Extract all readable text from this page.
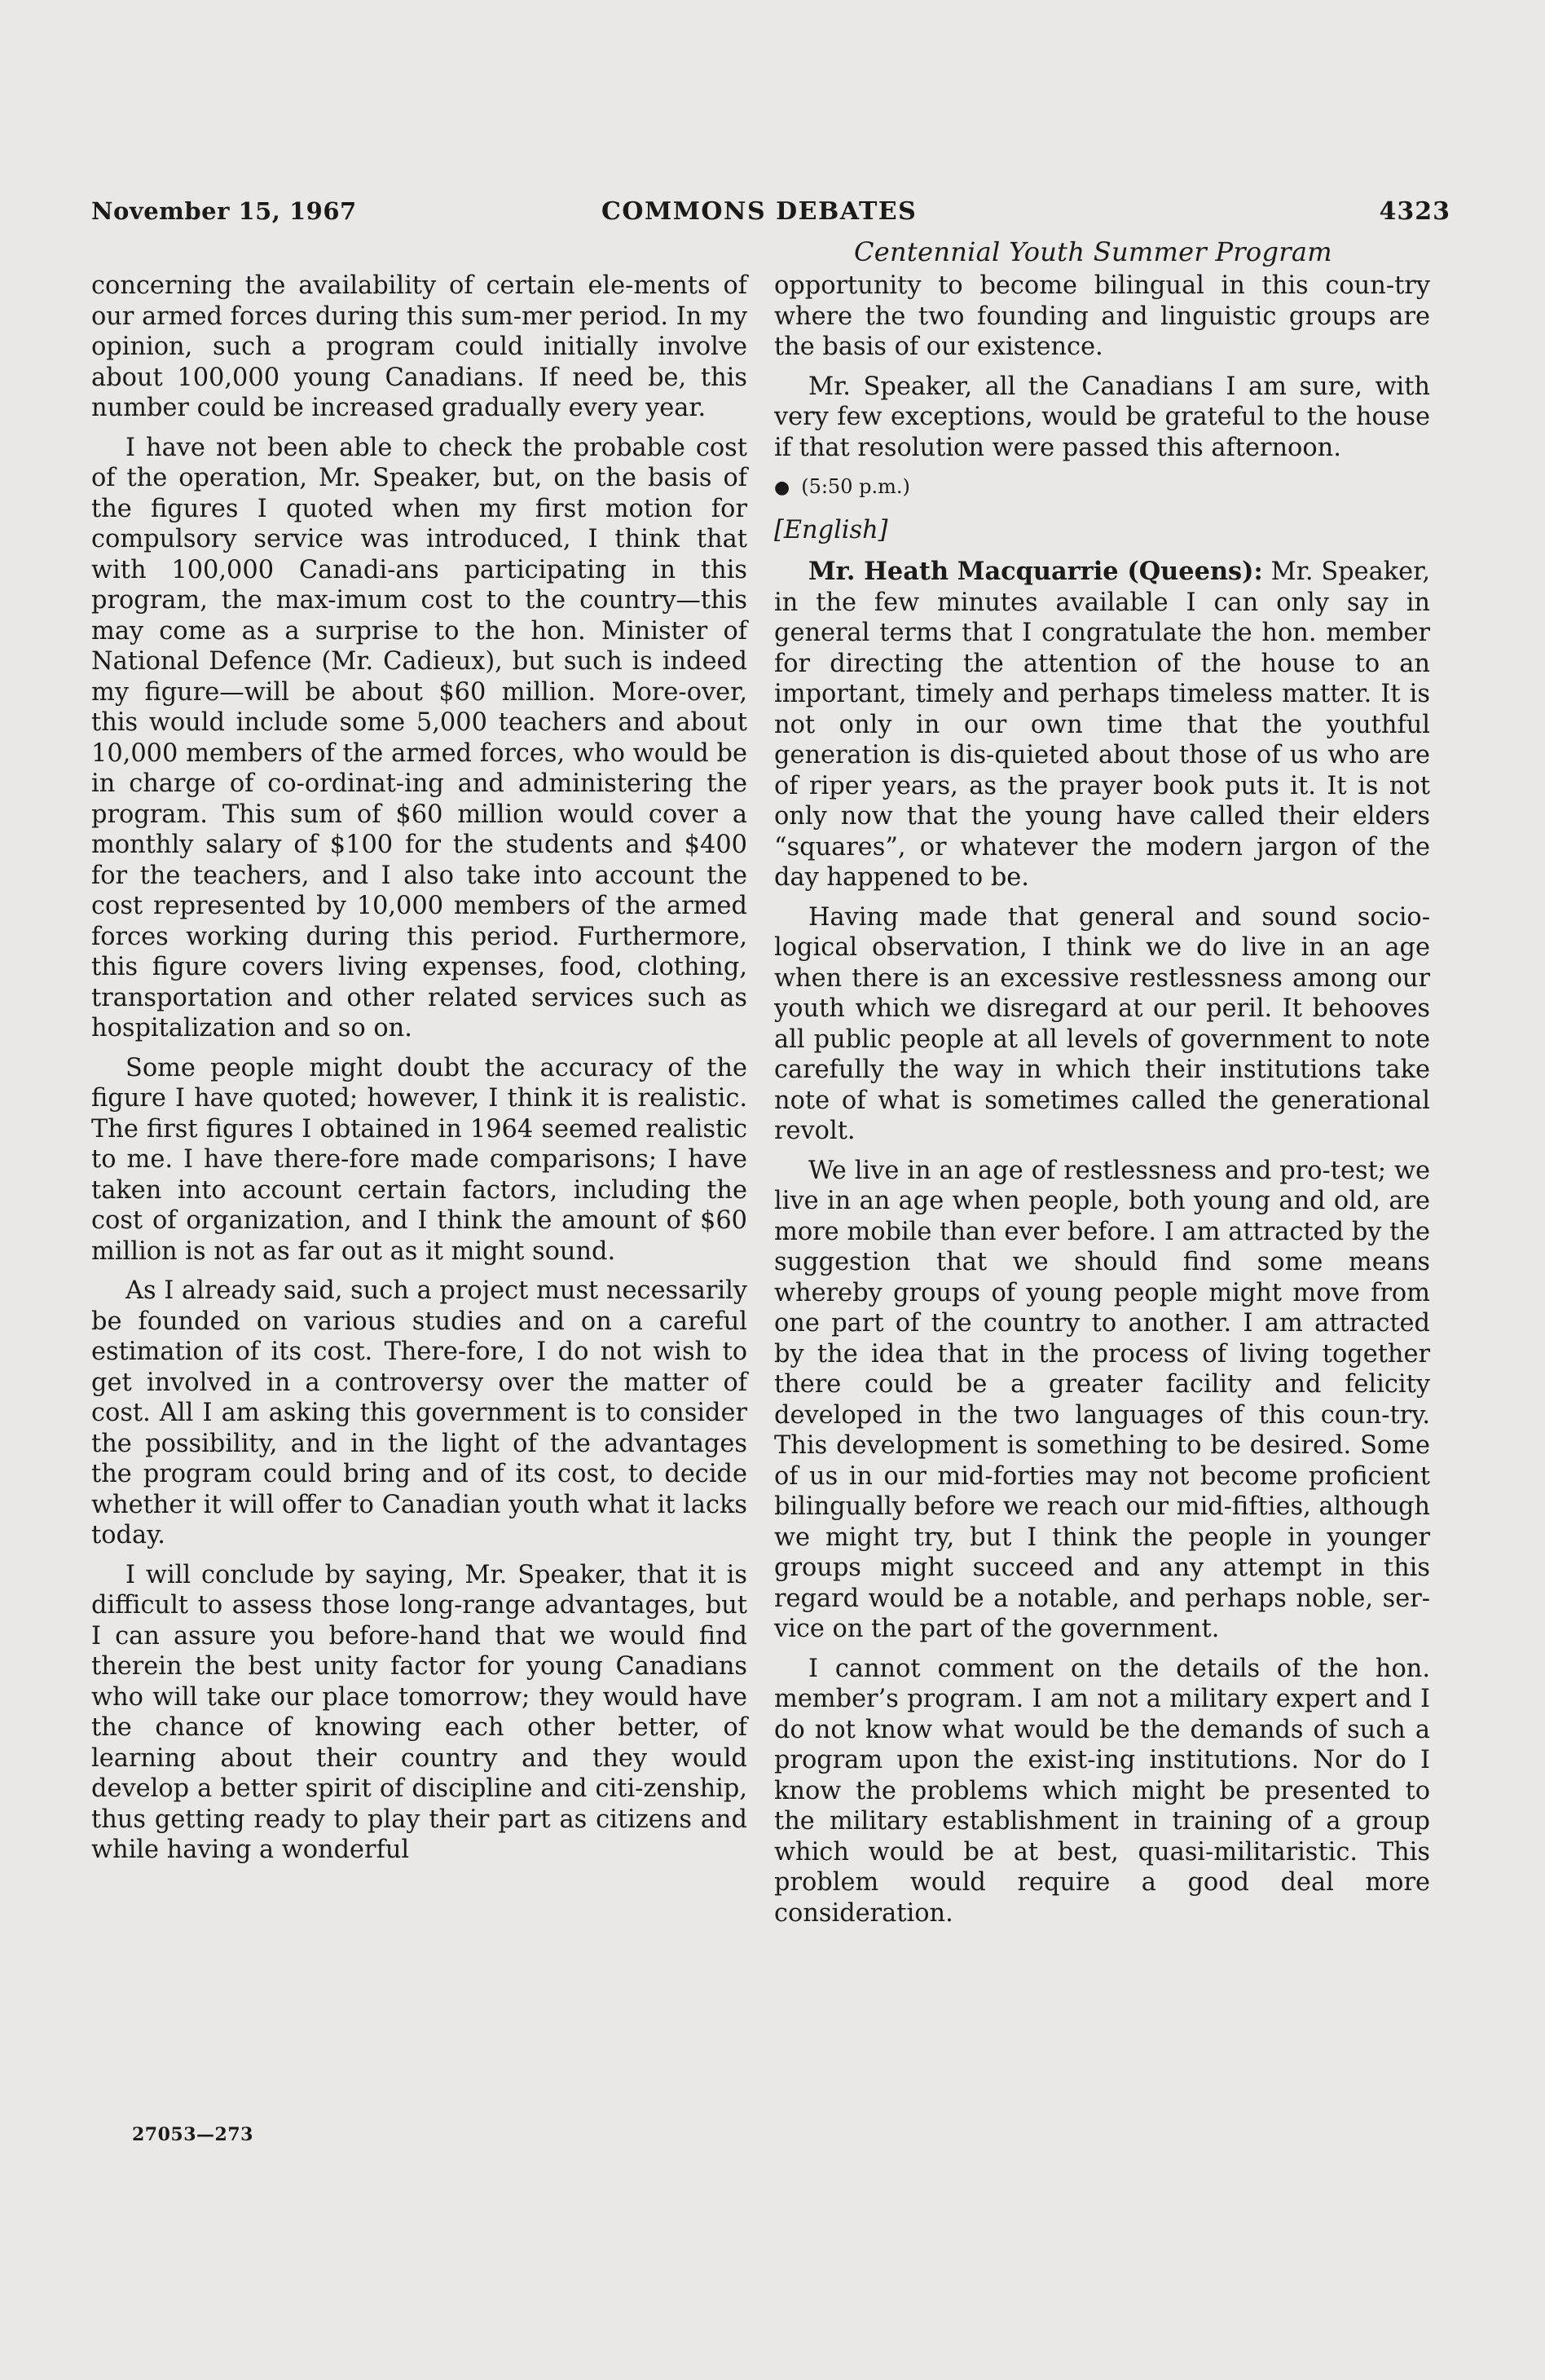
November 15, 1967	COMMONS DEBATES	4323
Centennial Youth Summer Program

concerning the availability of certain ele-ments of our armed forces during this sum-mer period. In my opinion, such a program could initially involve about 100,000 young Canadians. If need be, this number could be increased gradually every year.

I have not been able to check the probable cost of the operation, Mr. Speaker, but, on the basis of the figures I quoted when my first motion for compulsory service was introduced, I think that with 100,000 Canadi-ans participating in this program, the max-imum cost to the country—this may come as a surprise to the hon. Minister of National Defence (Mr. Cadieux), but such is indeed my figure—will be about $60 million. More-over, this would include some 5,000 teachers and about 10,000 members of the armed forces, who would be in charge of co-ordinat-ing and administering the program. This sum of $60 million would cover a monthly salary of $100 for the students and $400 for the teachers, and I also take into account the cost represented by 10,000 members of the armed forces working during this period. Furthermore, this figure covers living expenses, food, clothing, transportation and other related services such as hospitalization and so on.

Some people might doubt the accuracy of the figure I have quoted; however, I think it is realistic. The first figures I obtained in 1964 seemed realistic to me. I have there-fore made comparisons; I have taken into account certain factors, including the cost of organization, and I think the amount of $60 million is not as far out as it might sound.

As I already said, such a project must necessarily be founded on various studies and on a careful estimation of its cost. There-fore, I do not wish to get involved in a controversy over the matter of cost. All I am asking this government is to consider the possibility, and in the light of the advantages the program could bring and of its cost, to decide whether it will offer to Canadian youth what it lacks today.

I will conclude by saying, Mr. Speaker, that it is difficult to assess those long-range advantages, but I can assure you before-hand that we would find therein the best unity factor for young Canadians who will take our place tomorrow; they would have the chance of knowing each other better, of learning about their country and they would develop a better spirit of discipline and citi-zenship, thus getting ready to play their part as citizens and while having a wonderful

opportunity to become bilingual in this coun-try where the two founding and linguistic groups are the basis of our existence.

Mr. Speaker, all the Canadians I am sure, with very few exceptions, would be grateful to the house if that resolution were passed this afternoon.

● (5:50 p.m.)

[English]

Mr. Heath Macquarrie (Queens): Mr. Speaker, in the few minutes available I can only say in general terms that I congratulate the hon. member for directing the attention of the house to an important, timely and perhaps timeless matter. It is not only in our own time that the youthful generation is dis-quieted about those of us who are of riper years, as the prayer book puts it. It is not only now that the young have called their elders “squares”, or whatever the modern jargon of the day happened to be.

Having made that general and sound socio-logical observation, I think we do live in an age when there is an excessive restlessness among our youth which we disregard at our peril. It behooves all public people at all levels of government to note carefully the way in which their institutions take note of what is sometimes called the generational revolt.

We live in an age of restlessness and pro-test; we live in an age when people, both young and old, are more mobile than ever before. I am attracted by the suggestion that we should find some means whereby groups of young people might move from one part of the country to another. I am attracted by the idea that in the process of living together there could be a greater facility and felicity developed in the two languages of this coun-try. This development is something to be desired. Some of us in our mid-forties may not become proficient bilingually before we reach our mid-fifties, although we might try, but I think the people in younger groups might succeed and any attempt in this regard would be a notable, and perhaps noble, ser-vice on the part of the government.

I cannot comment on the details of the hon. member’s program. I am not a military expert and I do not know what would be the demands of such a program upon the exist-ing institutions. Nor do I know the problems which might be presented to the military establishment in training of a group which would be at best, quasi-militaristic. This problem would require a good deal more consideration.

27053—273
